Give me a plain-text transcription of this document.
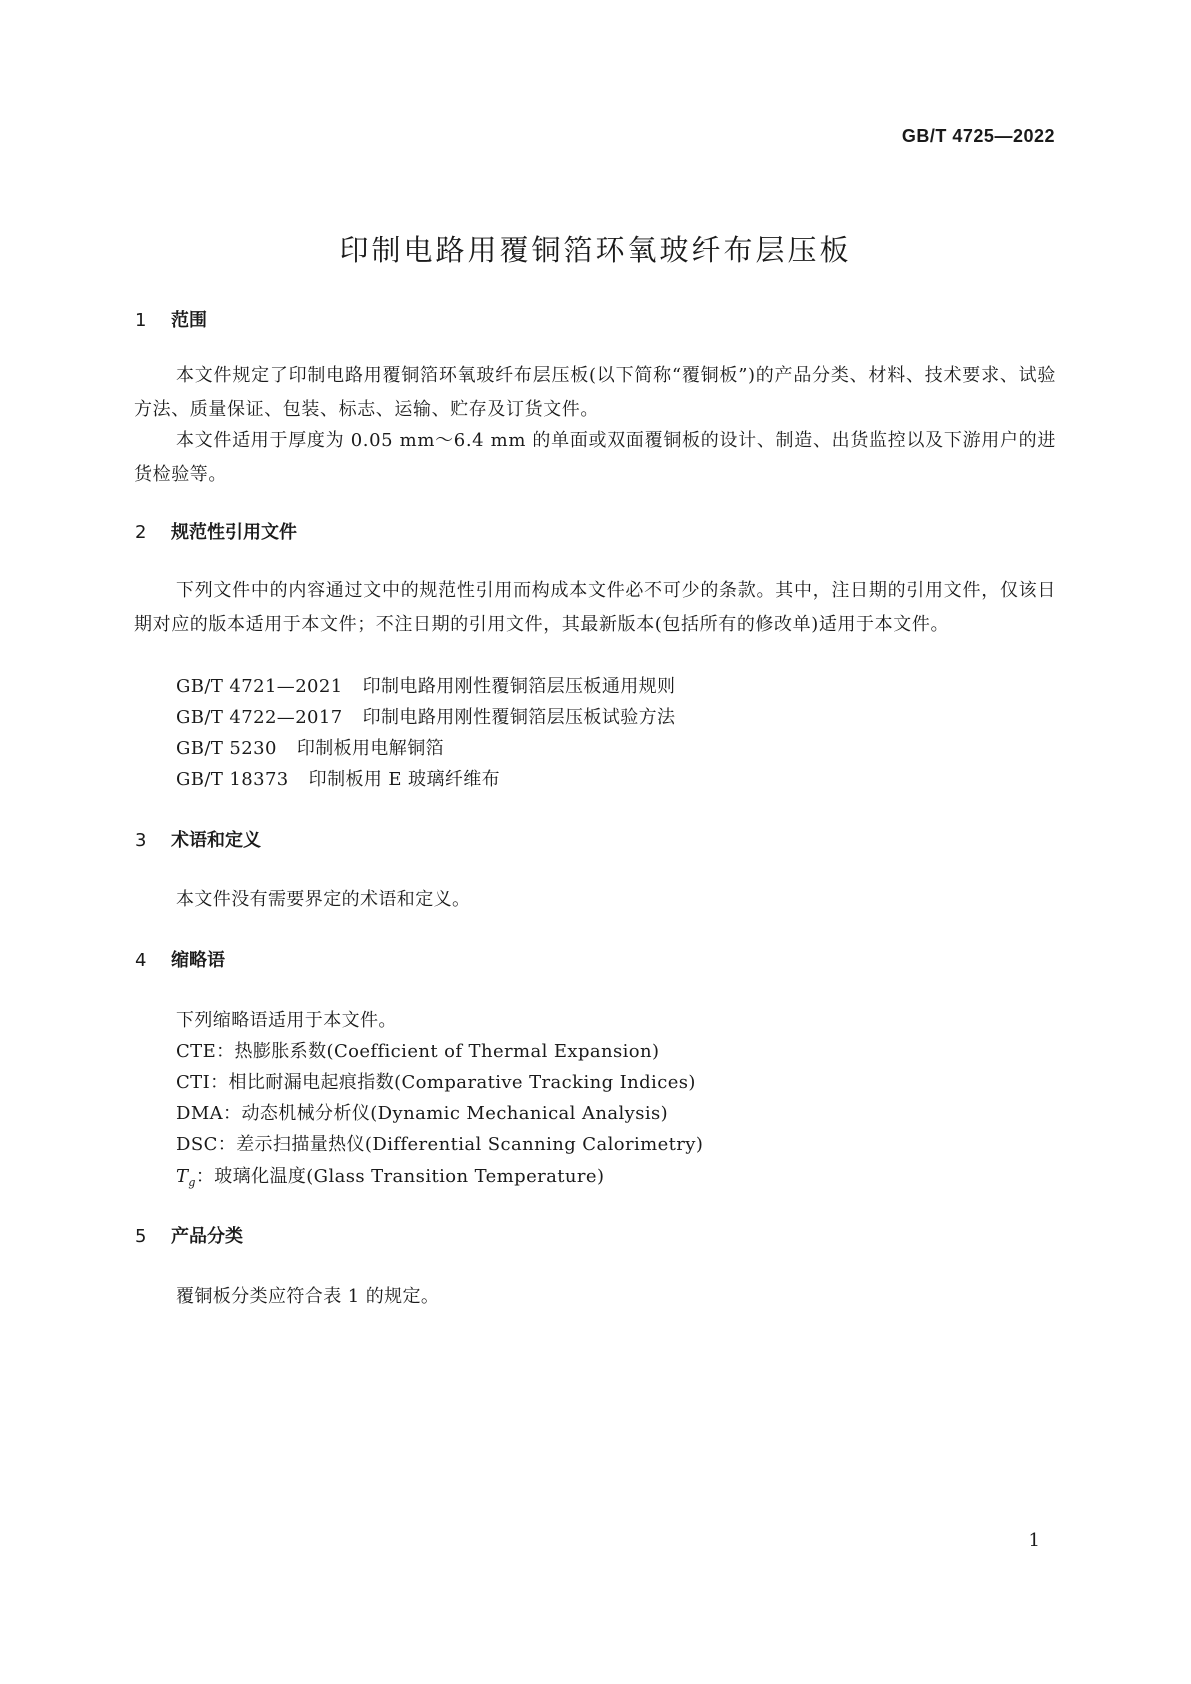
GB/T 4725—2022
印制电路用覆铜箔环氧玻纤布层压板
1 范围

本文件规定了印制电路用覆铜箔环氧玻纤布层压板(以下简称“覆铜板”)的产品分类、材料、技术要求、试验方法、质量保证、包装、标志、运输、贮存及订货文件。

本文件适用于厚度为 0.05 mm～6.4 mm 的单面或双面覆铜板的设计、制造、出货监控以及下游用户的进货检验等。

2 规范性引用文件

下列文件中的内容通过文中的规范性引用而构成本文件必不可少的条款。其中，注日期的引用文件，仅该日期对应的版本适用于本文件；不注日期的引用文件，其最新版本(包括所有的修改单)适用于本文件。

GB/T 4721—2021 印制电路用刚性覆铜箔层压板通用规则
GB/T 4722—2017 印制电路用刚性覆铜箔层压板试验方法
GB/T 5230 印制板用电解铜箔
GB/T 18373 印制板用 E 玻璃纤维布
3 术语和定义
本文件没有需要界定的术语和定义。
4 缩略语
下列缩略语适用于本文件。
CTE：热膨胀系数(Coefficient of Thermal Expansion)
CTI：相比耐漏电起痕指数(Comparative Tracking Indices)
DMA：动态机械分析仪(Dynamic Mechanical Analysis)
DSC：差示扫描量热仪(Differential Scanning Calorimetry)
$T_g$：玻璃化温度(Glass Transition Temperature)
5 产品分类
覆铜板分类应符合表 1 的规定。
1
